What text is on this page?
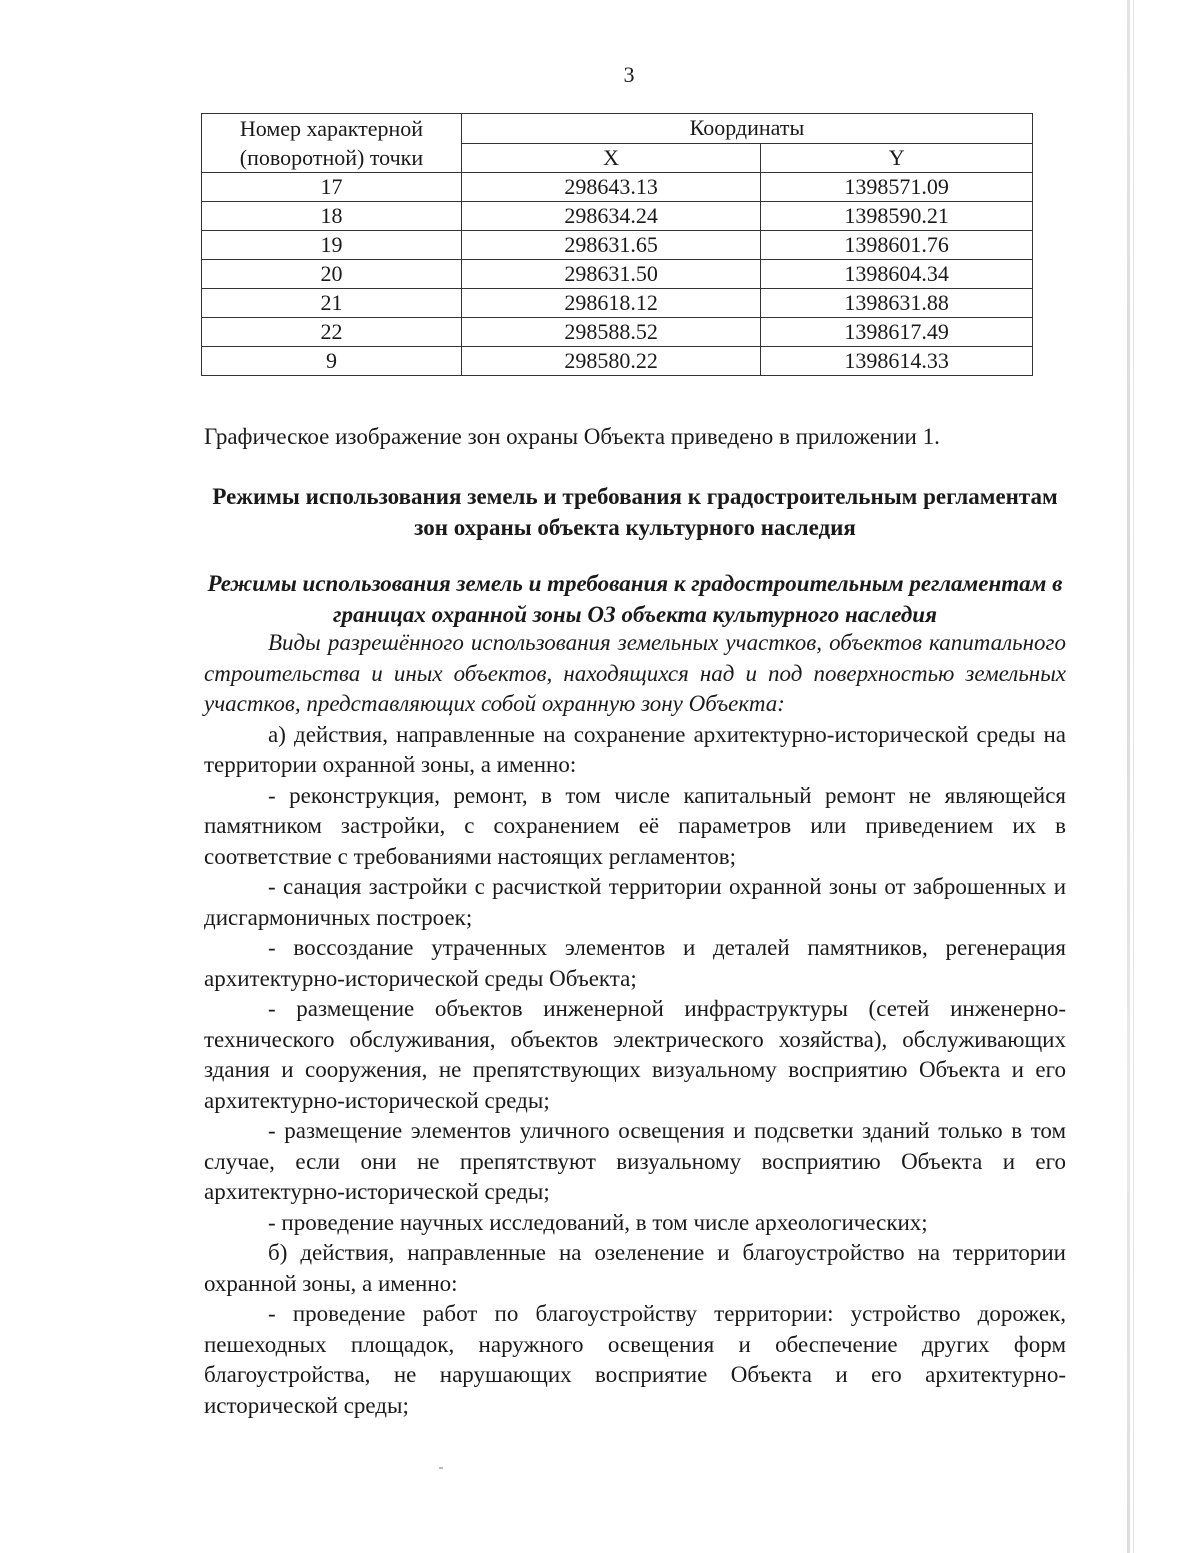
3
Номер характерной (поворотной) точки	Координаты	
	X	Y
17	298643.13	1398571.09
18	298634.24	1398590.21
19	298631.65	1398601.76
20	298631.50	1398604.34
21	298618.12	1398631.88
22	298588.52	1398617.49
9	298580.22	1398614.33
Графическое изображение зон охраны Объекта приведено в приложении 1.
Режимы использования земель и требования к градостроительным регламентам зон охраны объекта культурного наследия
Режимы использования земель и требования к градостроительным регламентам в границах охранной зоны ОЗ объекта культурного наследия

Виды разрешённого использования земельных участков, объектов капитального строительства и иных объектов, находящихся над и под поверхностью земельных участков, представляющих собой охранную зону Объекта:

а) действия, направленные на сохранение архитектурно-исторической среды на территории охранной зоны, а именно:

- реконструкция, ремонт, в том числе капитальный ремонт не являющейся памятником застройки, с сохранением её параметров или приведением их в соответствие с требованиями настоящих регламентов;

- санация застройки с расчисткой территории охранной зоны от заброшенных и дисгармоничных построек;

- воссоздание утраченных элементов и деталей памятников, регенерация архитектурно-исторической среды Объекта;

- размещение объектов инженерной инфраструктуры (сетей инженерно-технического обслуживания, объектов электрического хозяйства), обслуживающих здания и сооружения, не препятствующих визуальному восприятию Объекта и его архитектурно-исторической среды;

- размещение элементов уличного освещения и подсветки зданий только в том случае, если они не препятствуют визуальному восприятию Объекта и его архитектурно-исторической среды;

- проведение научных исследований, в том числе археологических;

б) действия, направленные на озеленение и благоустройство на территории охранной зоны, а именно:

- проведение работ по благоустройству территории: устройство дорожек, пешеходных площадок, наружного освещения и обеспечение других форм благоустройства, не нарушающих восприятие Объекта и его архитектурно-исторической среды;
